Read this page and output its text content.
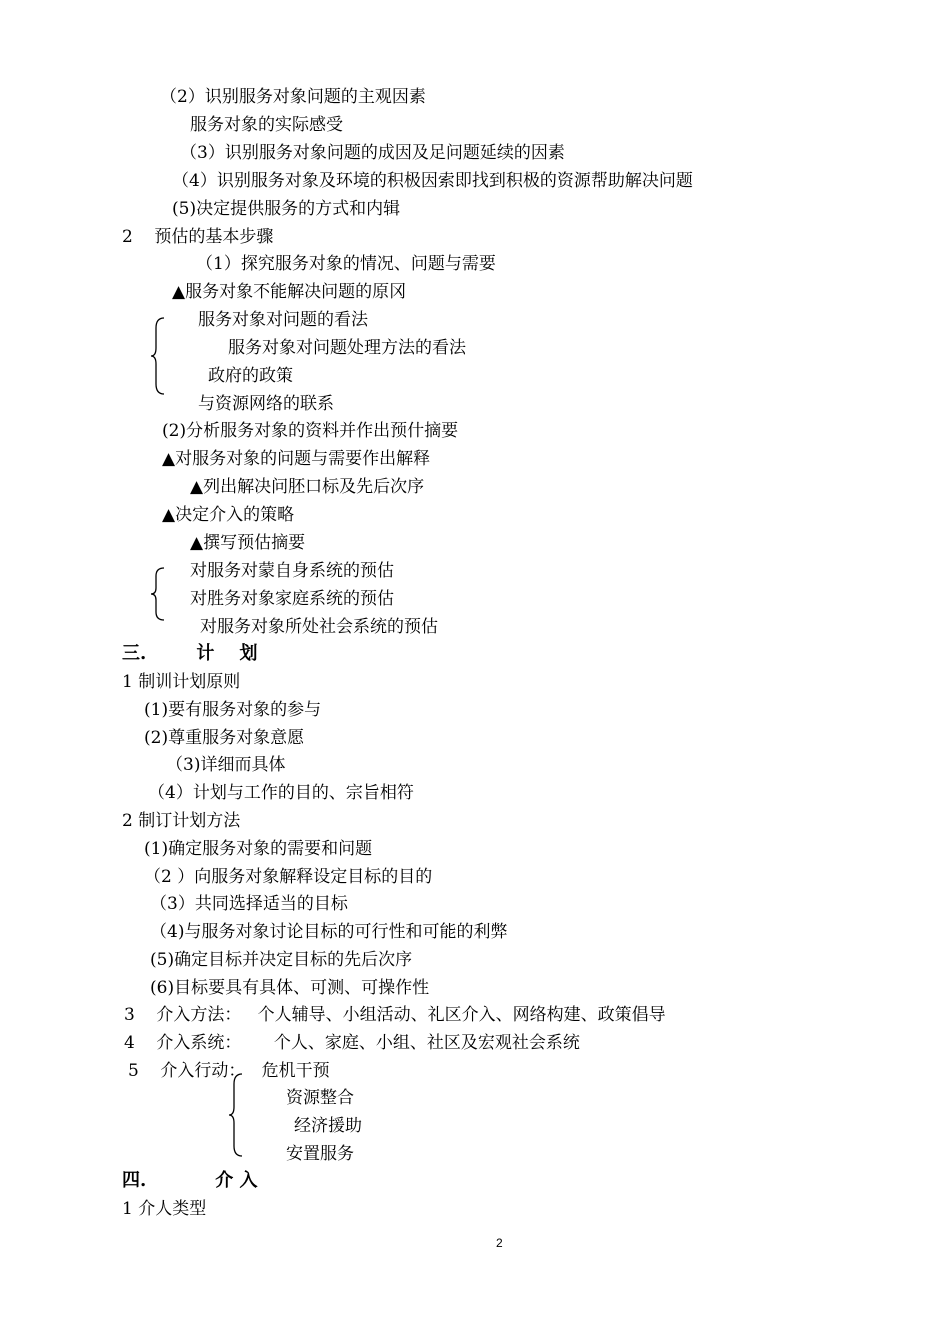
（2）识别服务对象问题的主观因素
服务对象的实际感受
（3）识别服务对象问题的成因及足问题延续的因素
（4）识别服务对象及环境的积极因索即找到积极的资源帮助解决问题
(5)决定提供服务的方式和内辑
2    预估的基本步骤
（1）探究服务对象的情况、问题与需要
▲服务对象不能解决问题的原冈
服务对象对问题的看法
服务对象对问题处理方法的看法
政府的政策
与资源网络的联系
(2)分析服务对象的资料并作出预什摘要
▲对服务对象的问题与需要作出解释
▲列出解决问胚口标及先后次序
▲决定介入的策略
▲撰写预估摘要
对服务对蒙自身系统的预估
对胜务对象家庭系统的预估
对服务对象所处社会系统的预估
三.        计    划
1 制训计划原则
(1)要有服务对象的参与
(2)尊重服务对象意愿
（3)详细而具体
（4）计划与工作的目的、宗旨相符
2 制订计划方法
(1)确定服务对象的需要和问题
（2 ）向服务对象解释设定目标的目的
（3）共同选择适当的目标
（4)与服务对象讨论目标的可行性和可能的利弊
(5)确定目标并决定目标的先后次序
(6)目标要具有具体、可测、可操作性
3    介入方法：   个人辅导、小组活动、礼区介入、网络构建、政策倡导
4    介入系统：      个人、家庭、小组、社区及宏观社会系统
5    介入行动：   危机干预
资源整合
经济援助
安置服务
四.           介 入
1 介人类型
2
